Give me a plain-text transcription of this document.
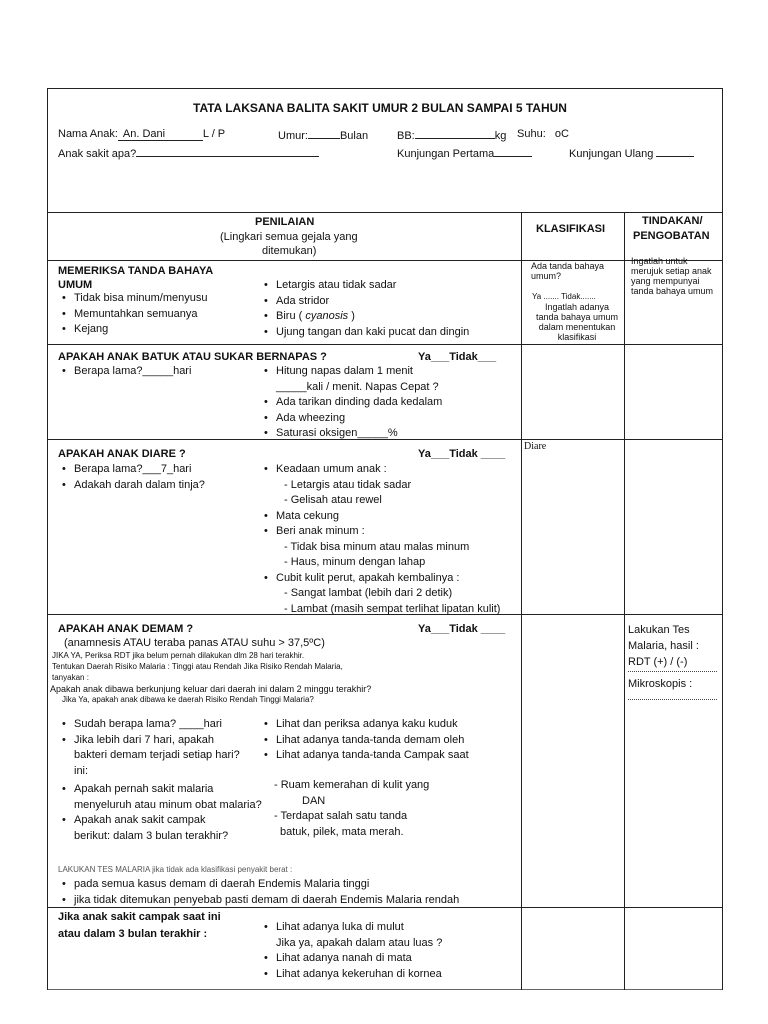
TATA LAKSANA BALITA SAKIT UMUR 2 BULAN SAMPAI 5 TAHUN
Nama Anak: An. Dani	L / P	Umur:	Bulan	BB:	kg Suhu: oC
Anak sakit apa?	Kunjungan Pertama	Kunjungan Ulang
PENILAIAN
(Lingkari semua gejala yang
ditemukan)
KLASIFIKASI
TINDAKAN/
PENGOBATAN
MEMERIKSA TANDA BAHAYA
UMUM
• Tidak bisa minum/menyusu
• Memuntahkan semuanya
• Kejang
• Letargis atau tidak sadar
• Ada stridor
• Biru ( cyanosis )
• Ujung tangan dan kaki pucat dan dingin
Ada tanda bahaya
umum?
Ya ....... Tidak.......
Ingatlah adanya
tanda bahaya umum
dalam menentukan
klasifikasi
Ingatlah untuk
merujuk setiap anak
yang mempunyai
tanda bahaya umum
APAKAH ANAK BATUK ATAU SUKAR BERNAPAS ?	Ya___Tidak___
• Berapa lama?_____hari
•	Hitung napas dalam 1 menit
_____kali / menit. Napas Cepat ?
• Ada tarikan dinding dada kedalam
• Ada wheezing
• Saturasi oksigen_____%
APAKAH ANAK DIARE ?	Ya___Tidak ____
Diare
• Berapa lama?___7_hari
• Adakah darah dalam tinja?
• Keadaan umum anak :
- Letargis atau tidak sadar
- Gelisah atau rewel
• Mata cekung
• Beri anak minum :
- Tidak bisa minum atau malas minum
- Haus, minum dengan lahap
• Cubit kulit perut, apakah kembalinya :
- Sangat lambat (lebih dari 2 detik)
- Lambat (masih sempat terlihat lipatan kulit)
APAKAH ANAK DEMAM ?	Ya___Tidak ____
(anamnesis ATAU teraba panas ATAU suhu > 37,5ºC)
JIKA YA, Periksa RDT jika belum pernah dilakukan dlm 28 hari terakhir.
Tentukan Daerah Risiko Malaria : Tinggi atau Rendah Jika Risiko Rendah Malaria,
tanyakan :
Apakah anak dibawa berkunjung keluar dari daerah ini dalam 2 minggu terakhir?
Jika Ya, apakah anak dibawa ke daerah Risiko Rendah Tinggi Malaria?
• Sudah berapa lama? ____hari
• Jika lebih dari 7 hari, apakah
bakteri demam terjadi setiap hari?
ini:
• Apakah pernah sakit malaria
menyeluruh atau minum obat malaria?
• Apakah anak sakit campak
berikut: dalam 3 bulan terakhir?
• Lihat dan periksa adanya kaku kuduk
• Lihat adanya tanda-tanda demam oleh
• Lihat adanya tanda-tanda Campak saat
- Ruam kemerahan di kulit yang
DAN
- Terdapat salah satu tanda
batuk, pilek, mata merah.
LAKUKAN TES MALARIA jika tidak ada klasifikasi penyakit berat :
• pada semua kasus demam di daerah Endemis Malaria tinggi
• jika tidak ditemukan penyebab pasti demam di daerah Endemis Malaria rendah
Lakukan Tes
Malaria, hasil :
RDT (+) / (-)
Mikroskopis :
Jika anak sakit campak saat ini
atau dalam 3 bulan terakhir :
• Lihat adanya luka di mulut
Jika ya, apakah dalam atau luas ?
• Lihat adanya nanah di mata
• Lihat adanya kekeruhan di kornea
